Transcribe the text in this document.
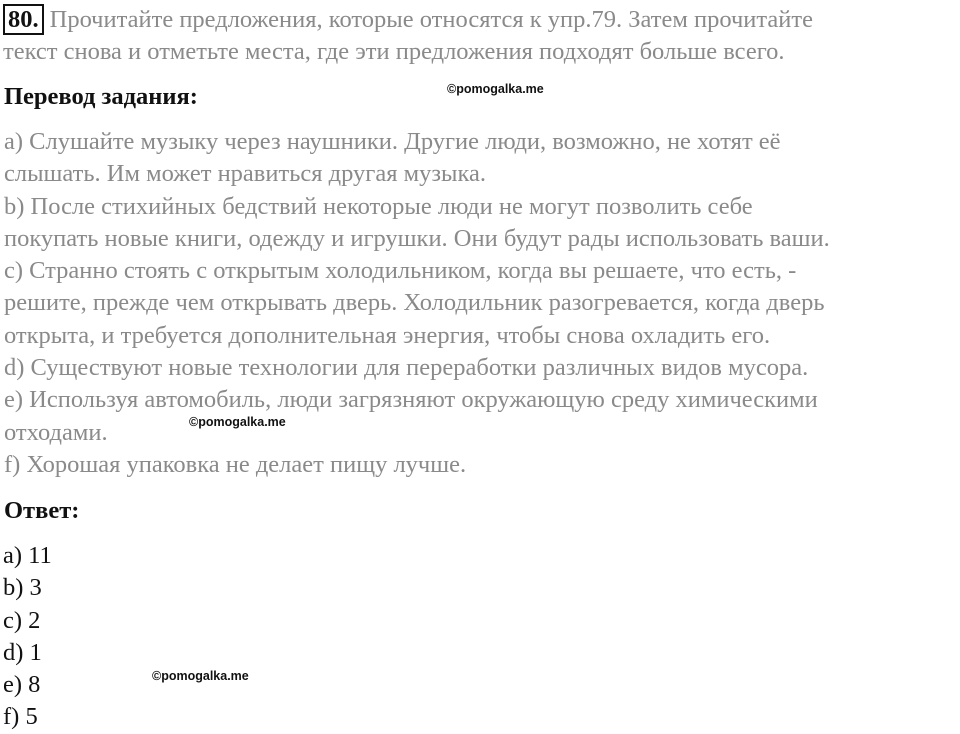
80. Прочитайте предложения, которые относятся к упр.79. Затем прочитайте
текст снова и отметьте места, где эти предложения подходят больше всего.
Перевод задания:	©pomogalka.me
a) Слушайте музыку через наушники. Другие люди, возможно, не хотят её
слышать. Им может нравиться другая музыка.
b) После стихийных бедствий некоторые люди не могут позволить себе
покупать новые книги, одежду и игрушки. Они будут рады использовать ваши.
c) Странно стоять с открытым холодильником, когда вы решаете, что есть, -
решите, прежде чем открывать дверь. Холодильник разогревается, когда дверь
открыта, и требуется дополнительная энергия, чтобы снова охладить его.
d) Существуют новые технологии для переработки различных видов мусора.
e) Используя автомобиль, люди загрязняют окружающую среду химическими
отходами.
f) Хорошая упаковка не делает пищу лучше.
©pomogalka.me
Ответ:
a) 11
b) 3
c) 2
d) 1
e) 8
f) 5
©pomogalka.me
